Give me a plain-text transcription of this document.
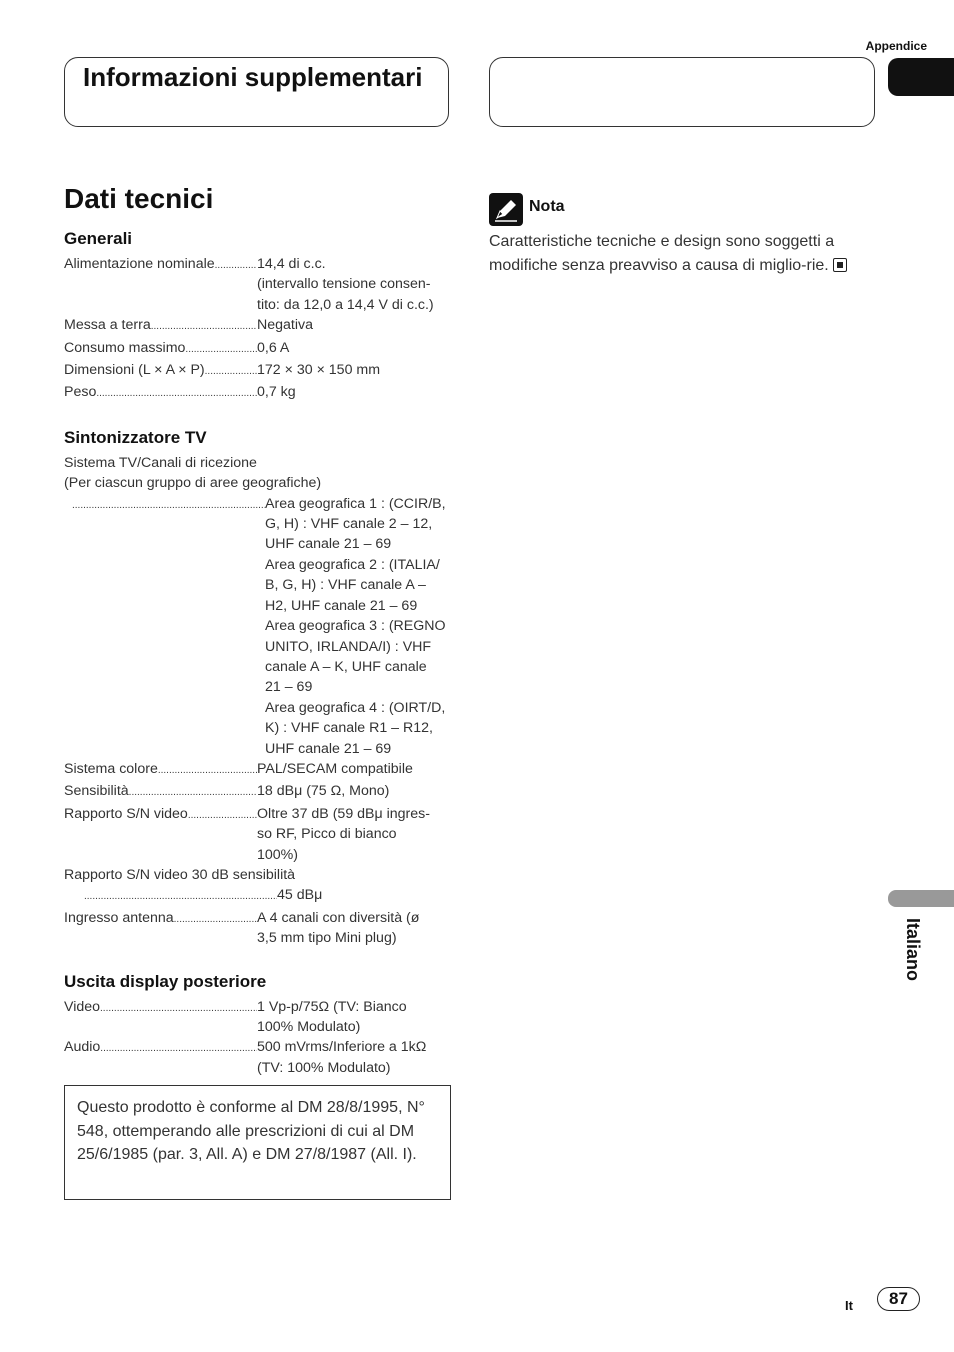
Appendice
Informazioni supplementari
Dati tecnici
Generali
Alimentazione nominale .....	14,4 di c.c.
(intervallo tensione consen-
tito: da 12,0 a 14,4 V di c.c.)
Messa a terra .....	Negativa
Consumo massimo .....	0,6 A
Dimensioni (L × A × P) .....	172 × 30 × 150 mm
Peso .....	0,7 kg
Sintonizzatore TV
Sistema TV/Canali di ricezione
(Per ciascun gruppo di aree geografiche)
.....
Area geografica 1 : (CCIR/B,
G, H) : VHF canale 2 – 12,
UHF canale 21 – 69
Area geografica 2 : (ITALIA/
B, G, H) : VHF canale A –
H2, UHF canale 21 – 69
Area geografica 3 : (REGNO
UNITO, IRLANDA/I) : VHF
canale A – K, UHF canale
21 – 69
Area geografica 4 : (OIRT/D,
K) : VHF canale R1 – R12,
UHF canale 21 – 69
Sistema colore .....	PAL/SECAM compatibile
Sensibilità .....	18 dBμ (75 Ω, Mono)
Rapporto S/N video .....	Oltre 37 dB (59 dBμ ingres-
so RF, Picco di bianco
100%)
Rapporto S/N video 30 dB sensibilità
.....
45 dBμ
Ingresso antenna .....	A 4 canali con diversità (ø
3,5 mm tipo Mini plug)
Uscita display posteriore
Video .....	1 Vp-p/75Ω (TV: Bianco
100% Modulato)
Audio .....	500 mVrms/Inferiore a 1kΩ
(TV: 100% Modulato)
Questo prodotto è conforme al DM 28/8/1995, N° 548, ottemperando alle prescrizioni di cui al DM 25/6/1985 (par. 3, All. A) e DM 27/8/1987 (All. I).
Nota
Caratteristiche tecniche e design sono soggetti a modifiche senza preavviso a causa di miglio-rie.
Italiano
It	87
